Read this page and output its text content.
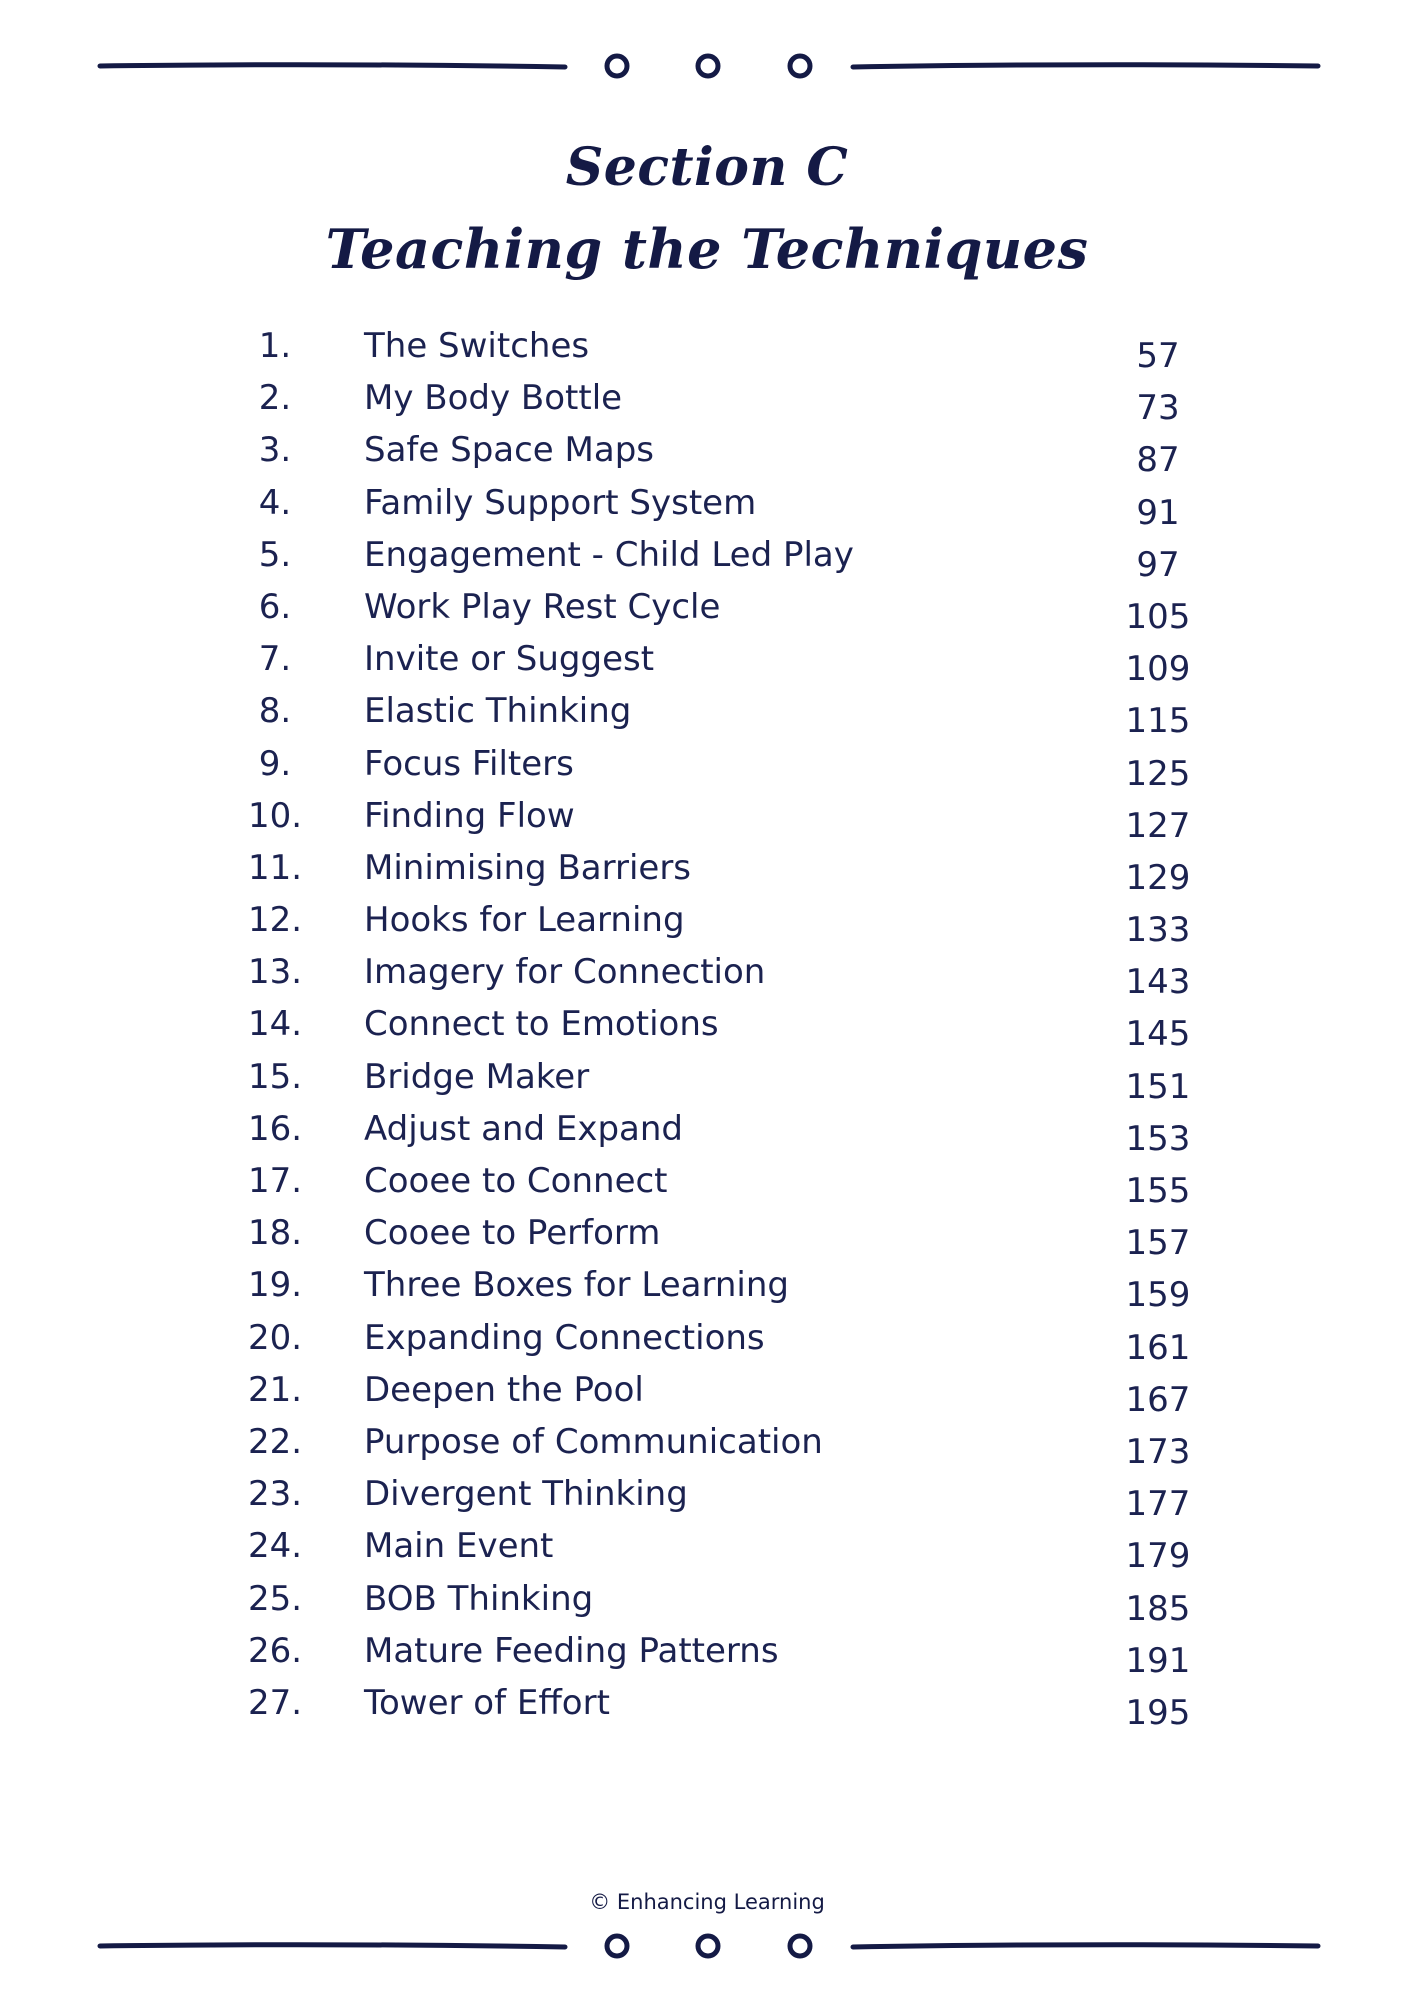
Section C
Teaching the Techniques
1.	The Switches	57
2.	My Body Bottle	73
3.	Safe Space Maps	87
4.	Family Support System	91
5.	Engagement - Child Led Play	97
6.	Work Play Rest Cycle	105
7.	Invite or Suggest	109
8.	Elastic Thinking	115
9.	Focus Filters	125
10.	Finding Flow	127
11.	Minimising Barriers	129
12.	Hooks for Learning	133
13.	Imagery for Connection	143
14.	Connect to Emotions	145
15.	Bridge Maker	151
16.	Adjust and Expand	153
17.	Cooee to Connect	155
18.	Cooee to Perform	157
19.	Three Boxes for Learning	159
20.	Expanding Connections	161
21.	Deepen the Pool	167
22.	Purpose of Communication	173
23.	Divergent Thinking	177
24.	Main Event	179
25.	BOB Thinking	185
26.	Mature Feeding Patterns	191
27.	Tower of Effort	195
© Enhancing Learning
